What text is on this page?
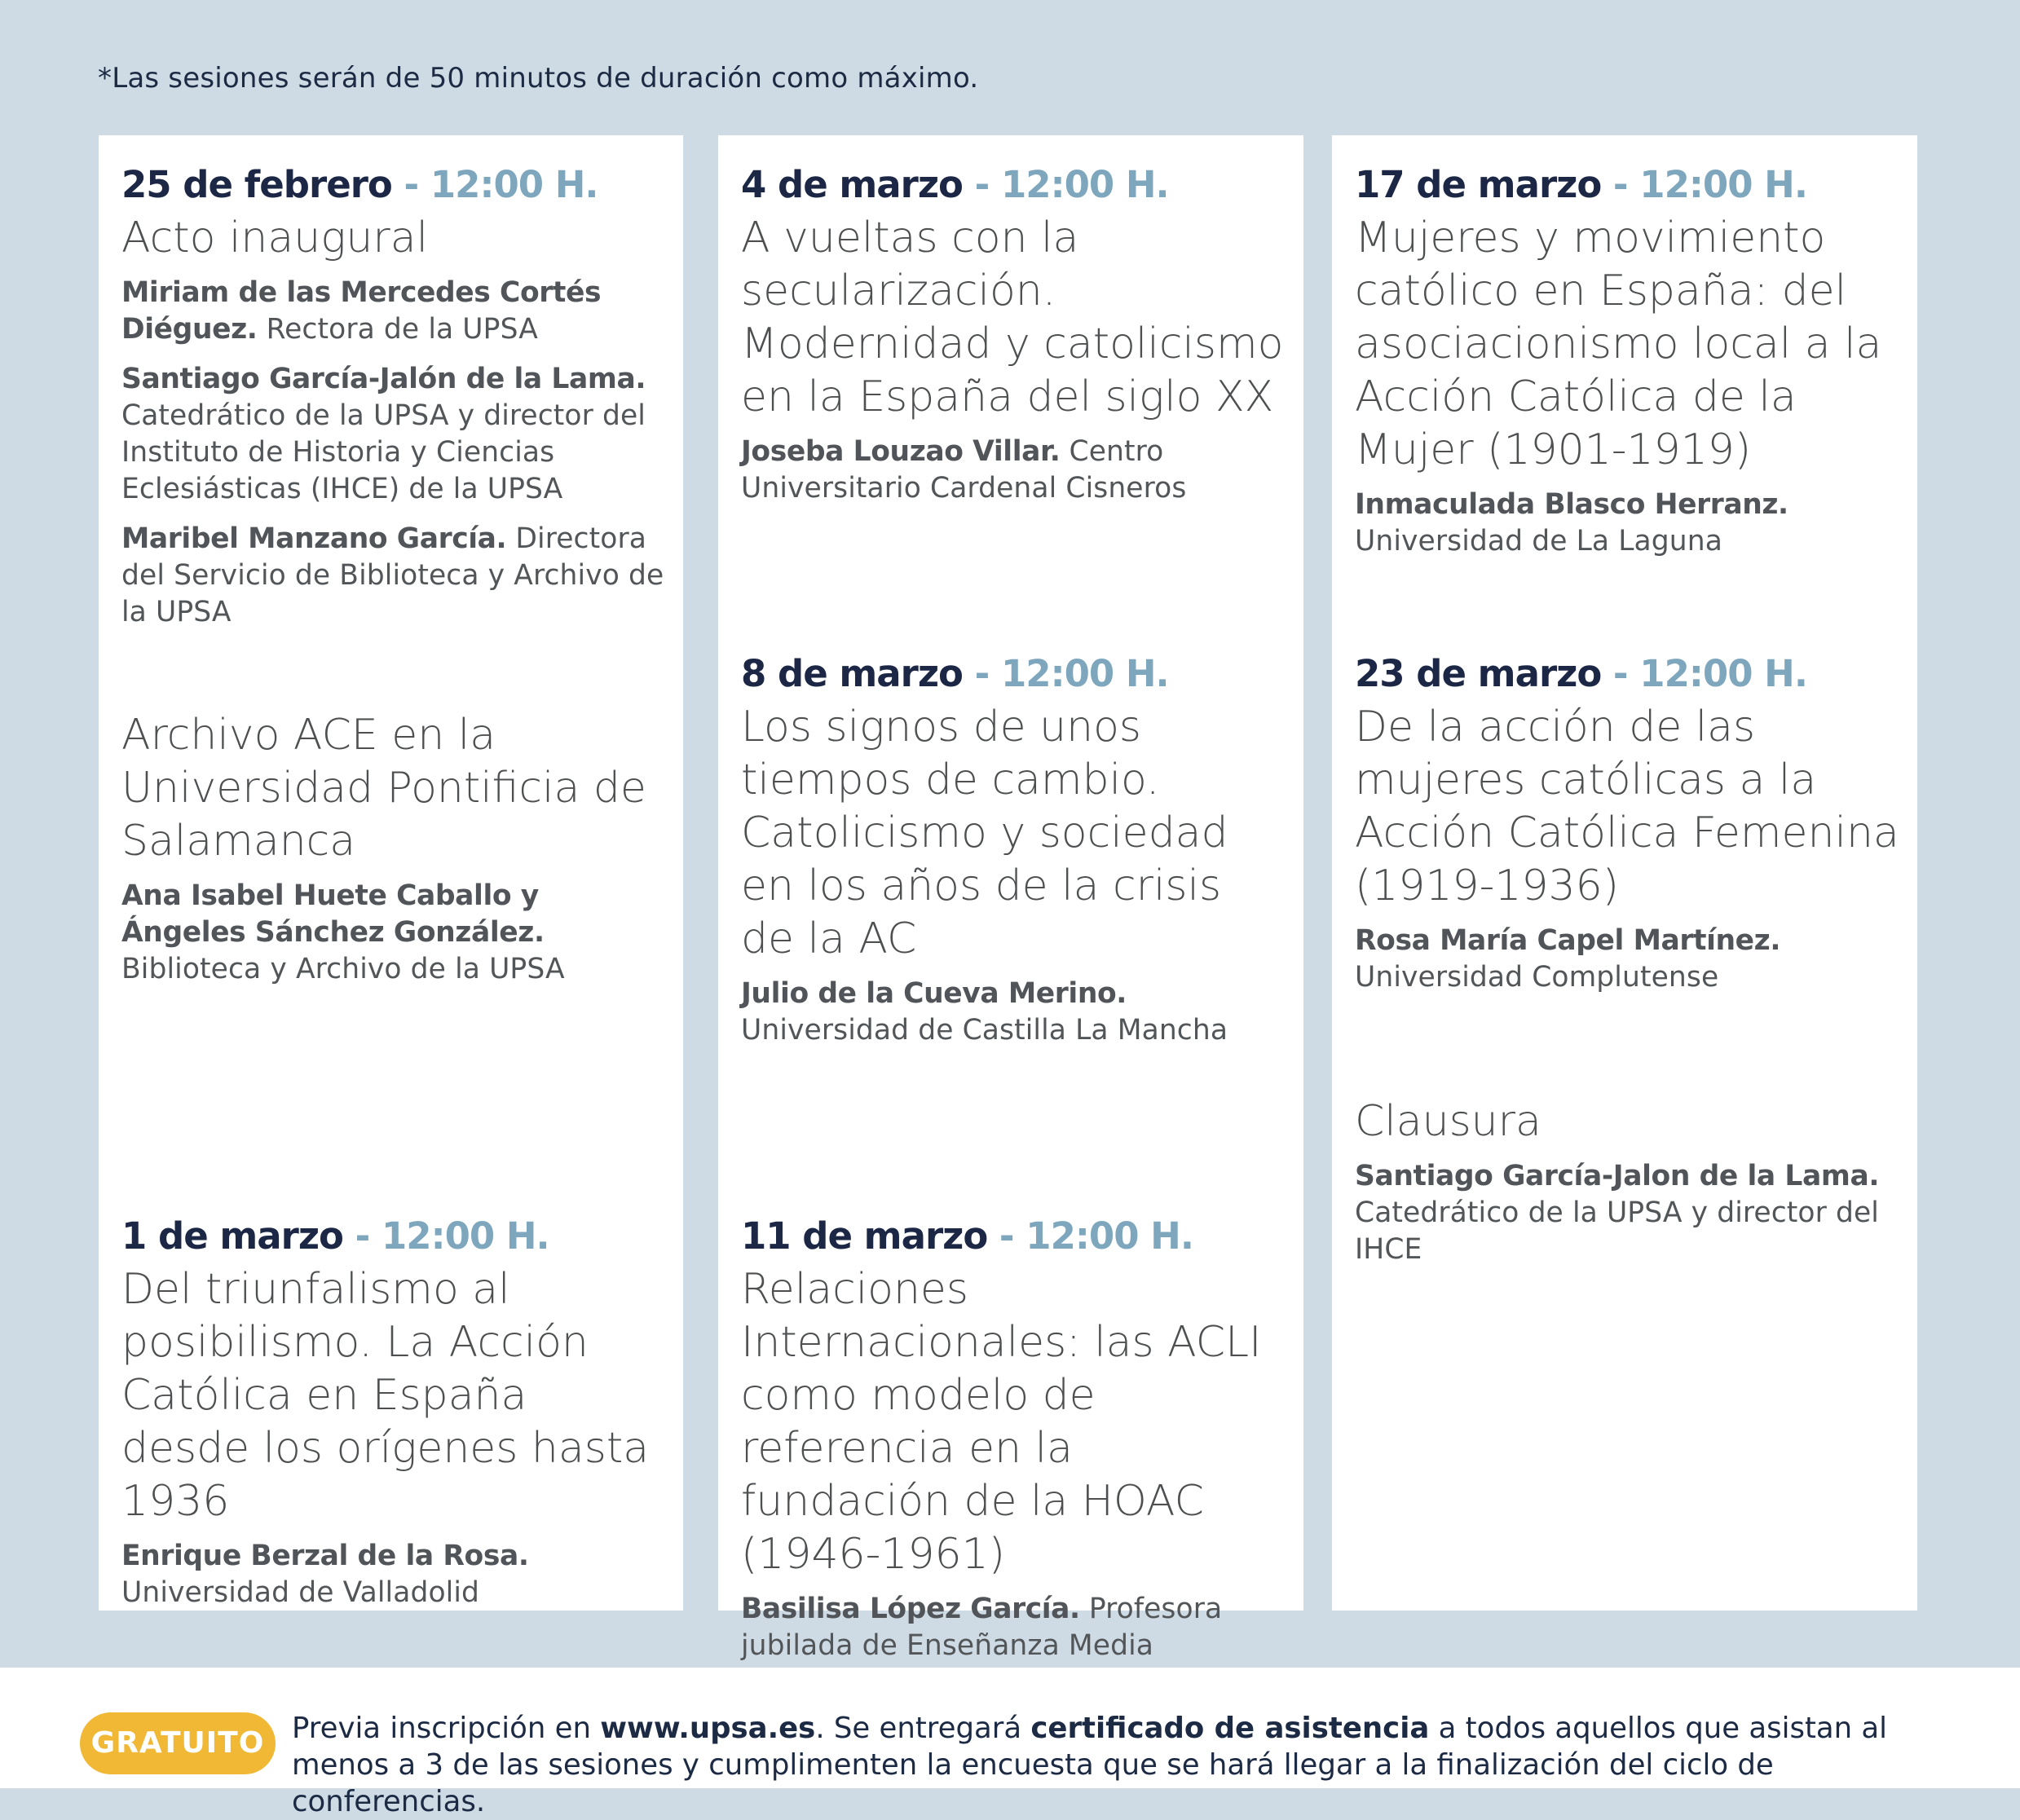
*Las sesiones serán de 50 minutos de duración como máximo.
25 de febrero - 12:00 H.
Acto inaugural
Miriam de las Mercedes Cortés Diéguez. Rectora de la UPSA
Santiago García-Jalón de la Lama. Catedrático de la UPSA y director del Instituto de Historia y Ciencias Eclesiásticas (IHCE) de la UPSA
Maribel Manzano García. Directora del Servicio de Biblioteca y Archivo de la UPSA
Archivo ACE en la Universidad Pontificia de Salamanca
Ana Isabel Huete Caballo y Ángeles Sánchez González. Biblioteca y Archivo de la UPSA
1 de marzo - 12:00 H.
Del triunfalismo al posibilismo. La Acción Católica en España desde los orígenes hasta 1936
Enrique Berzal de la Rosa. Universidad de Valladolid
4 de marzo - 12:00 H.
A vueltas con la secularización. Modernidad y catolicismo en la España del siglo XX
Joseba Louzao Villar. Centro Universitario Cardenal Cisneros
8 de marzo - 12:00 H.
Los signos de unos tiempos de cambio. Catolicismo y sociedad en los años de la crisis de la AC
Julio de la Cueva Merino. Universidad de Castilla La Mancha
11 de marzo - 12:00 H.
Relaciones Internacionales: las ACLI como modelo de referencia en la fundación de la HOAC (1946-1961)
Basilisa López García. Profesora jubilada de Enseñanza Media
17 de marzo - 12:00 H.
Mujeres y movimiento católico en España: del asociacionismo local a la Acción Católica de la Mujer (1901-1919)
Inmaculada Blasco Herranz. Universidad de La Laguna
23 de marzo - 12:00 H.
De la acción de las mujeres católicas a la Acción Católica Femenina (1919-1936)
Rosa María Capel Martínez. Universidad Complutense
Clausura
Santiago García-Jalon de la Lama. Catedrático de la UPSA y director del IHCE
GRATUITO Previa inscripción en www.upsa.es. Se entregará certificado de asistencia a todos aquellos que asistan al menos a 3 de las sesiones y cumplimenten la encuesta que se hará llegar a la finalización del ciclo de conferencias.
